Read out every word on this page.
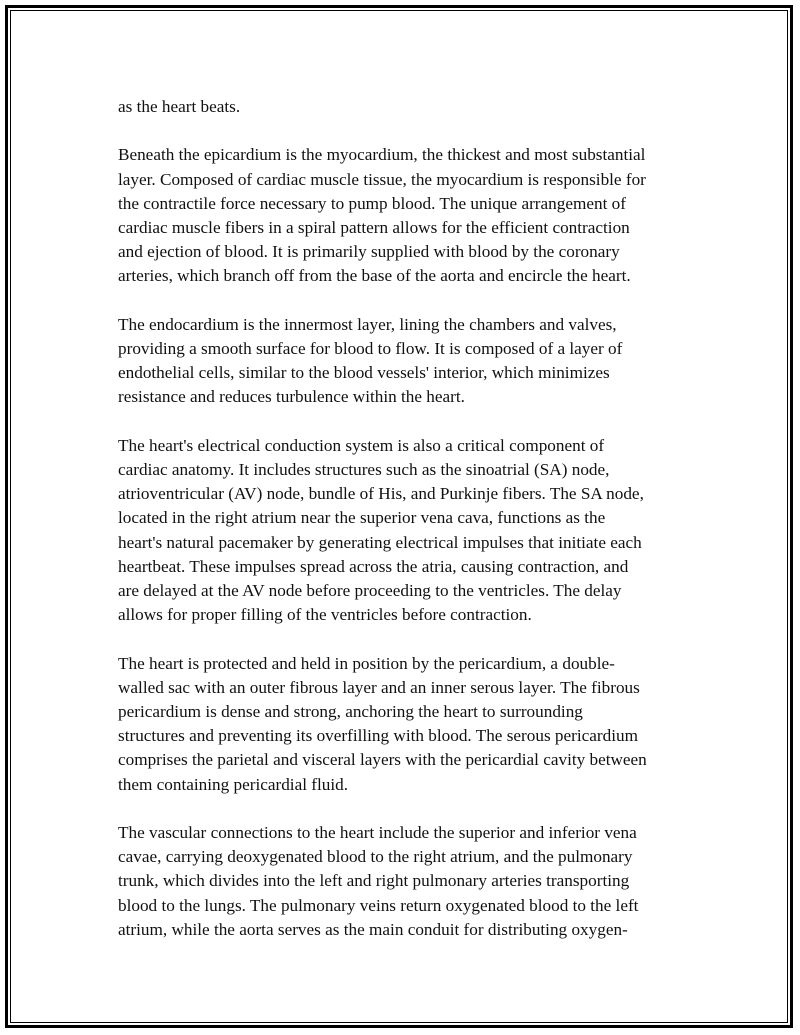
as the heart beats.

Beneath the epicardium is the myocardium, the thickest and most substantial
layer. Composed of cardiac muscle tissue, the myocardium is responsible for
the contractile force necessary to pump blood. The unique arrangement of
cardiac muscle fibers in a spiral pattern allows for the efficient contraction
and ejection of blood. It is primarily supplied with blood by the coronary
arteries, which branch off from the base of the aorta and encircle the heart.

The endocardium is the innermost layer, lining the chambers and valves,
providing a smooth surface for blood to flow. It is composed of a layer of
endothelial cells, similar to the blood vessels' interior, which minimizes
resistance and reduces turbulence within the heart.

The heart's electrical conduction system is also a critical component of
cardiac anatomy. It includes structures such as the sinoatrial (SA) node,
atrioventricular (AV) node, bundle of His, and Purkinje fibers. The SA node,
located in the right atrium near the superior vena cava, functions as the
heart's natural pacemaker by generating electrical impulses that initiate each
heartbeat. These impulses spread across the atria, causing contraction, and
are delayed at the AV node before proceeding to the ventricles. The delay
allows for proper filling of the ventricles before contraction.

The heart is protected and held in position by the pericardium, a double-
walled sac with an outer fibrous layer and an inner serous layer. The fibrous
pericardium is dense and strong, anchoring the heart to surrounding
structures and preventing its overfilling with blood. The serous pericardium
comprises the parietal and visceral layers with the pericardial cavity between
them containing pericardial fluid.

The vascular connections to the heart include the superior and inferior vena
cavae, carrying deoxygenated blood to the right atrium, and the pulmonary
trunk, which divides into the left and right pulmonary arteries transporting
blood to the lungs. The pulmonary veins return oxygenated blood to the left
atrium, while the aorta serves as the main conduit for distributing oxygen-
